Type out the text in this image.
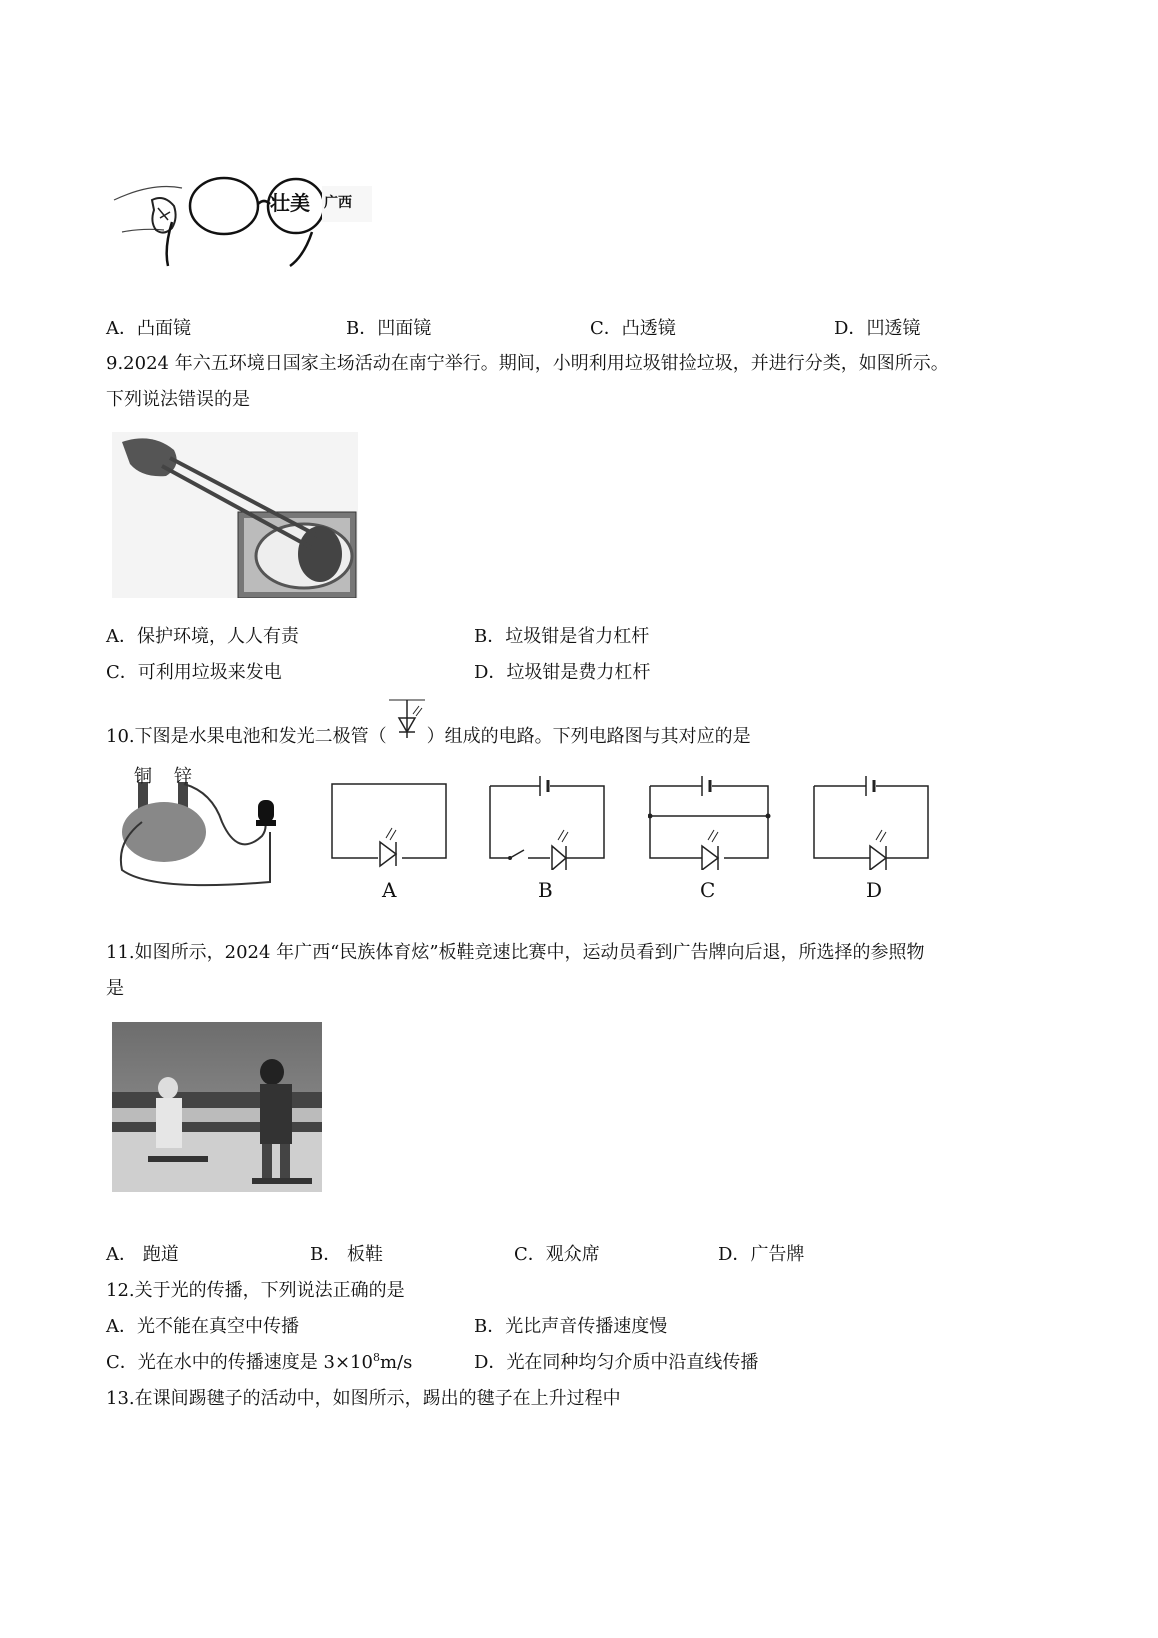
壮美 广西
A．凸面镜	B．凹面镜	C．凸透镜	D．凹透镜
9.2024 年六五环境日国家主场活动在南宁举行。期间，小明利用垃圾钳捡垃圾，并进行分类，如图所示。
下列说法错误的是
A．保护环境，人人有责	B．垃圾钳是省力杠杆
C．可利用垃圾来发电	D．垃圾钳是费力杠杆
10.下图是水果电池和发光二极管（ ）组成的电路。下列电路图与其对应的是
铜 锌
A	B	C	D
11.如图所示，2024 年广西“民族体育炫”板鞋竞速比赛中，运动员看到广告牌向后退，所选择的参照物
是
A． 跑道	B． 板鞋	C．观众席	D．广告牌
12.关于光的传播，下列说法正确的是
A．光不能在真空中传播	B．光比声音传播速度慢
C．光在水中的传播速度是 $3\times 10^8m/s$	D．光在同种均匀介质中沿直线传播
13.在课间踢毽子的活动中，如图所示，踢出的毽子在上升过程中
